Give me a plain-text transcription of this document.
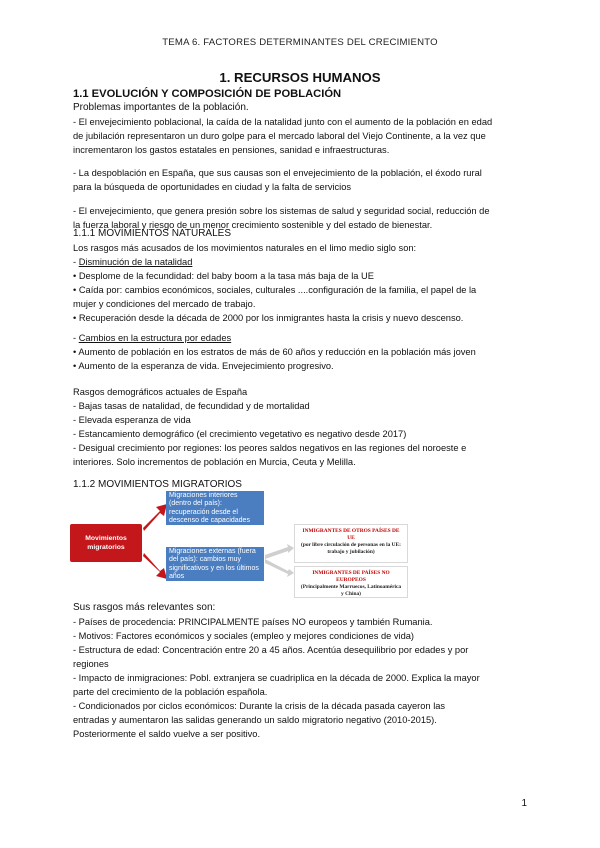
TEMA 6. FACTORES DETERMINANTES DEL CRECIMIENTO
1. RECURSOS HUMANOS
1.1 EVOLUCIÓN Y COMPOSICIÓN DE POBLACIÓN
Problemas importantes de la población.
- El envejecimiento poblacional, la caída de la natalidad junto con el aumento de la población en edad
de jubilación representaron un duro golpe para el mercado laboral del Viejo Continente, a la vez que
incrementaron los gastos estatales en pensiones, sanidad e infraestructuras.
- La despoblación en España, que sus causas son el envejecimiento de la población, el éxodo rural
para la búsqueda de oportunidades en ciudad y la falta de servicios
- El envejecimiento, que genera presión sobre los sistemas de salud y seguridad social, reducción de
la fuerza laboral y riesgo de un menor crecimiento sostenible y del estado de bienestar.
1.1.1 MOVIMIENTOS NATURALES
Los rasgos más acusados de los movimientos naturales en el limo medio siglo son:
- Disminución de la natalidad
• Desplome de la fecundidad: del baby boom a la tasa más baja de la UE
• Caída por: cambios económicos, sociales, culturales ....configuración de la familia, el papel de la
mujer y condiciones del mercado de trabajo.
• Recuperación desde la década de 2000 por los inmigrantes hasta la crisis y nuevo descenso.
- Cambios en la estructura por edades
• Aumento de población en los estratos de más de 60 años y reducción en la población más joven
• Aumento de la esperanza de vida. Envejecimiento progresivo.
Rasgos demográficos actuales de España
- Bajas tasas de natalidad, de fecundidad y de mortalidad
- Elevada esperanza de vida
- Estancamiento demográfico (el crecimiento vegetativo es negativo desde 2017)
- Desigual crecimiento por regiones: los peores saldos negativos en las regiones del noroeste e
interiores. Solo incrementos de población en Murcia, Ceuta y Melilla.
1.1.2 MOVIMIENTOS MIGRATORIOS
Movimientos migratorios
Migraciones interiores (dentro del país): recuperación desde el descenso de capacidades
Migraciones externas (fuera del país): cambios muy significativos y en los últimos años
INMIGRANTES DE OTROS PAÍSES DE UE
(por libre circulación de personas en la UE: trabajo y jubilación)
INMIGRANTES DE PAÍSES NO EUROPEOS
(Principalmente Marruecos, Latinoamérica y China)
Sus rasgos más relevantes son:
- Países de procedencia: PRINCIPALMENTE países NO europeos y también Rumania.
- Motivos: Factores económicos y sociales (empleo y mejores condiciones de vida)
- Estructura de edad: Concentración entre 20 a 45 años. Acentúa desequilibrio por edades y por
regiones
- Impacto de inmigraciones: Pobl. extranjera se cuadriplica en la década de 2000. Explica la mayor
parte del crecimiento de la población española.
- Condicionados por ciclos económicos: Durante la crisis de la década pasada cayeron las
entradas y aumentaron las salidas generando un saldo migratorio negativo (2010-2015).
Posteriormente el saldo vuelve a ser positivo.
1
